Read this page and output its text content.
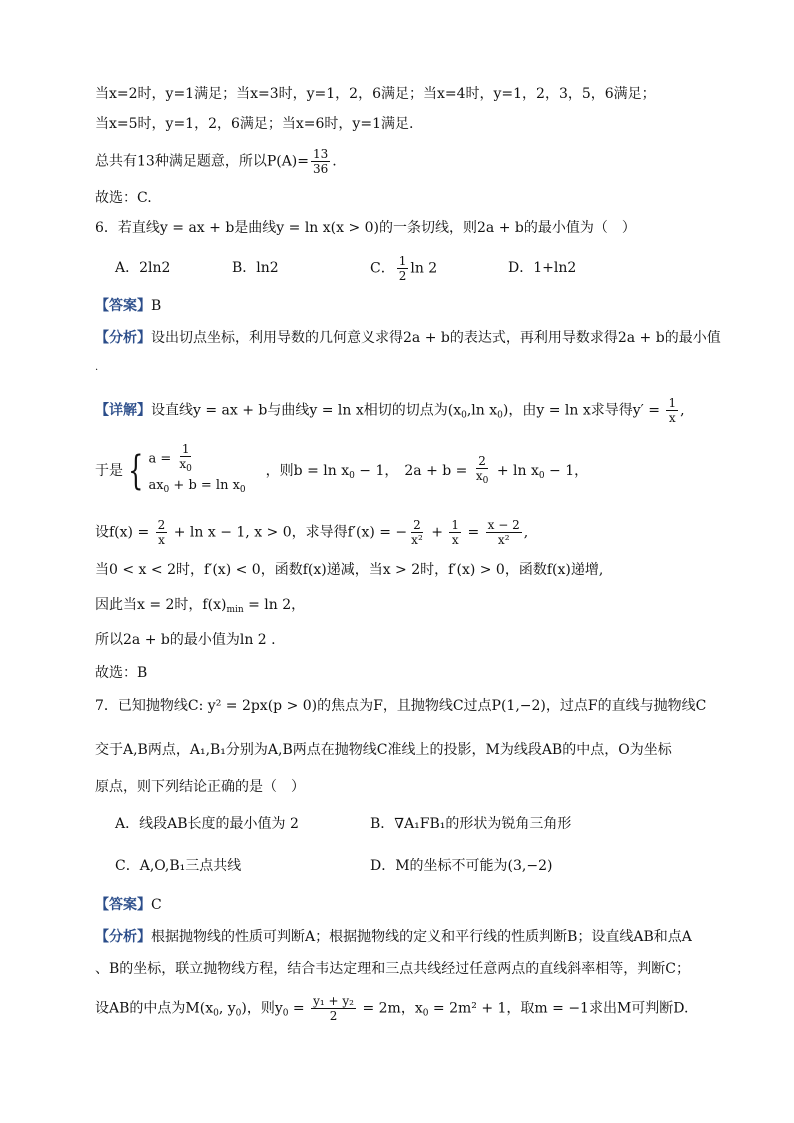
当x=2时，y=1满足；当x=3时，y=1，2，6满足；当x=4时，y=1，2，3，5，6满足；
当x=5时，y=1，2，6满足；当x=6时，y=1满足.
总共有13种满足题意，所以$P(A)= \frac{13}{36}$ .
故选：C.
6．若直线y = ax + b是曲线y = ln x(x > 0)的一条切线，则2a + b的最小值为（　）
A．2ln2	B．ln2	C． $\frac{1}{2}$ ln 2	D．1+ln2
【答案】B
【分析】设出切点坐标，利用导数的几何意义求得2a + b的表达式，再利用导数求得2a + b的最小值
.
【详解】设直线y = ax + b与曲线y = ln x相切的切点为($x_0,\ln$ $x_0$)，由y = ln x求导得$y' = \frac{1}{x}$ ,
于是 { $a = \frac{1}{x_0}$
$ax_0 + b = \ln x_0$
，则$b = \ln x_0 - 1$， $2a + b = \frac{2}{x_0} + \ln x_0 - 1$，
设$f(x) = \frac{2}{x} + \ln x - 1$, x > 0，求导得f′(x) = − $\frac{2}{\text{x²}} + \frac{1}{x} = \frac{x - 2}{\text{x²}}$ ,
当0 < x < 2时，f′(x) < 0，函数f(x)递减，当x > 2时，f′(x) > 0，函数f(x)递增,
因此当x = 2时，$f(x)_{min} = \ln 2$，
所以2a + b的最小值为ln 2 .
故选：B
7．已知抛物线C: y² = 2px(p > 0)的焦点为F，且抛物线C过点P(1,−2)，过点F的直线与抛物线C
交于A,B两点，A₁,B₁分别为A,B两点在抛物线C准线上的投影，M为线段AB的中点，O为坐标
原点，则下列结论正确的是（　）
A．线段AB长度的最小值为 2	B．∇A₁FB₁的形状为锐角三角形
C．A,O,B₁三点共线	D．M的坐标不可能为(3,−2)
【答案】C
【分析】根据抛物线的性质可判断A；根据抛物线的定义和平行线的性质判断B；设直线AB和点A
、B的坐标，联立抛物线方程，结合韦达定理和三点共线经过任意两点的直线斜率相等，判断C；
设AB的中点为$M(x_0$, $y_0$)，则$y_0 = \frac{\text{y₁ + y₂}}{2} = 2m$，$x_0 = 2m^2 + 1$，取m = −1求出M可判断D.
